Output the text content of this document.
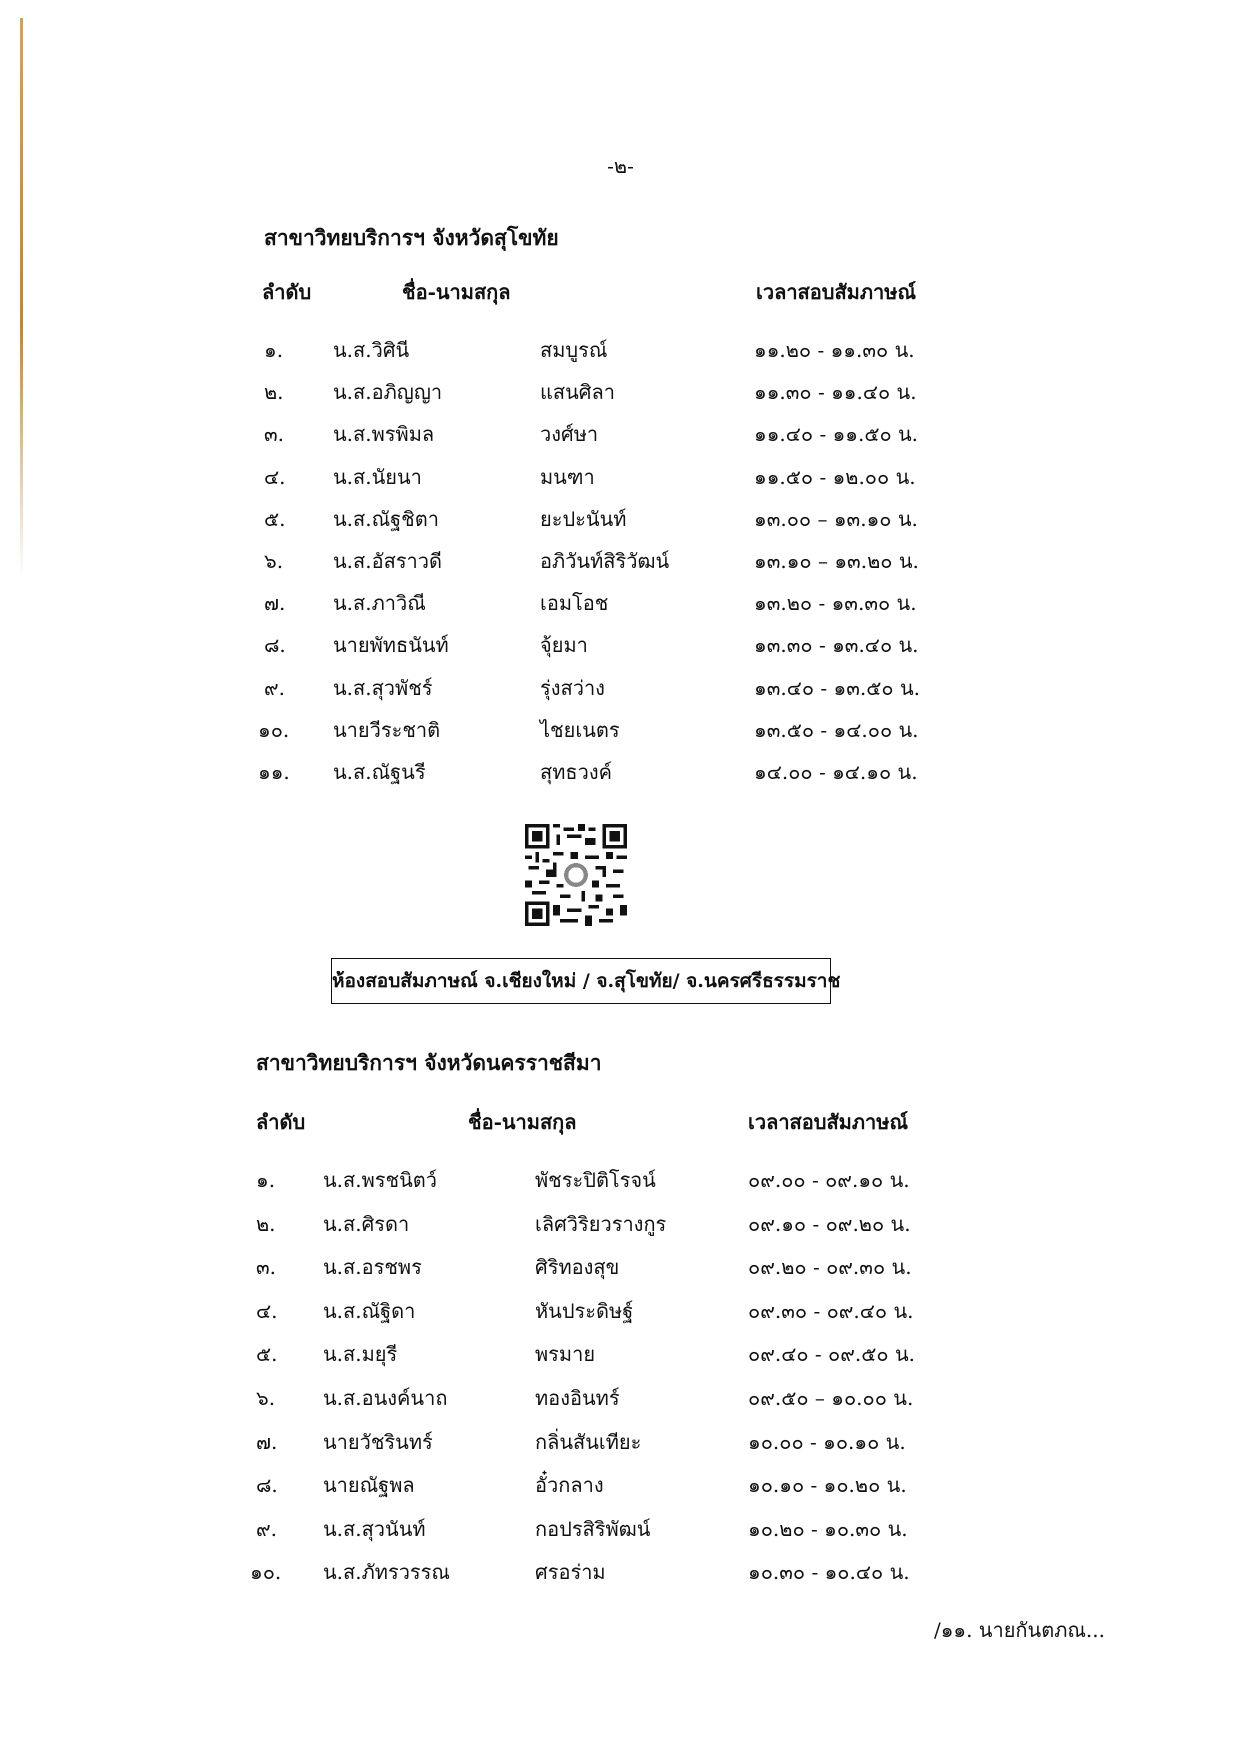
-๒-
สาขาวิทยบริการฯ จังหวัดสุโขทัย
ลำดับ	ชื่อ-นามสกุล	เวลาสอบสัมภาษณ์
๑. น.ส.วิศินี	สมบูรณ์	๑๑.๒๐ - ๑๑.๓๐ น.
๒. น.ส.อภิญญา	แสนศิลา	๑๑.๓๐ - ๑๑.๔๐ น.
๓. น.ส.พรพิมล	วงศ์ษา	๑๑.๔๐ - ๑๑.๕๐ น.
๔. น.ส.นัยนา	มนฑา	๑๑.๕๐ - ๑๒.๐๐ น.
๕. น.ส.ณัฐชิตา	ยะปะนันท์	๑๓.๐๐ – ๑๓.๑๐ น.
๖. น.ส.อัสราวดี	อภิวันท์สิริวัฒน์	๑๓.๑๐ – ๑๓.๒๐ น.
๗. น.ส.ภาวิณี	เอมโอช	๑๓.๒๐ - ๑๓.๓๐ น.
๘. นายพัทธนันท์	จุ้ยมา	๑๓.๓๐ - ๑๓.๔๐ น.
๙. น.ส.สุวพัชร์	รุ่งสว่าง	๑๓.๔๐ - ๑๓.๕๐ น.
๑๐. นายวีระชาติ	ไชยเนตร	๑๓.๕๐ - ๑๔.๐๐ น.
๑๑. น.ส.ณัฐนรี	สุทธวงค์	๑๔.๐๐ - ๑๔.๑๐ น.
ห้องสอบสัมภาษณ์ จ.เชียงใหม่ / จ.สุโขทัย/ จ.นครศรีธรรมราช
สาขาวิทยบริการฯ จังหวัดนครราชสีมา
ลำดับ	ชื่อ-นามสกุล	เวลาสอบสัมภาษณ์
๑. น.ส.พรชนิตว์	พัชระปิติโรจน์	๐๙.๐๐ - ๐๙.๑๐ น.
๒. น.ส.ศิรดา	เลิศวิริยวรางกูร	๐๙.๑๐ - ๐๙.๒๐ น.
๓. น.ส.อรชพร	ศิริทองสุข	๐๙.๒๐ - ๐๙.๓๐ น.
๔. น.ส.ณัฐิดา	หันประดิษฐ์	๐๙.๓๐ - ๐๙.๔๐ น.
๕. น.ส.มยุรี	พรมาย	๐๙.๔๐ - ๐๙.๕๐ น.
๖. น.ส.อนงค์นาถ	ทองอินทร์	๐๙.๕๐ – ๑๐.๐๐ น.
๗. นายวัชรินทร์	กลิ่นสันเทียะ	๑๐.๐๐ - ๑๐.๑๐ น.
๘. นายณัฐพล	อั๋วกลาง	๑๐.๑๐ - ๑๐.๒๐ น.
๙. น.ส.สุวนันท์	กอปรสิริพัฒน์	๑๐.๒๐ - ๑๐.๓๐ น.
๑๐. น.ส.ภัทรวรรณ	ศรอร่าม	๑๐.๓๐ - ๑๐.๔๐ น.
/๑๑. นายกันตภณ...
